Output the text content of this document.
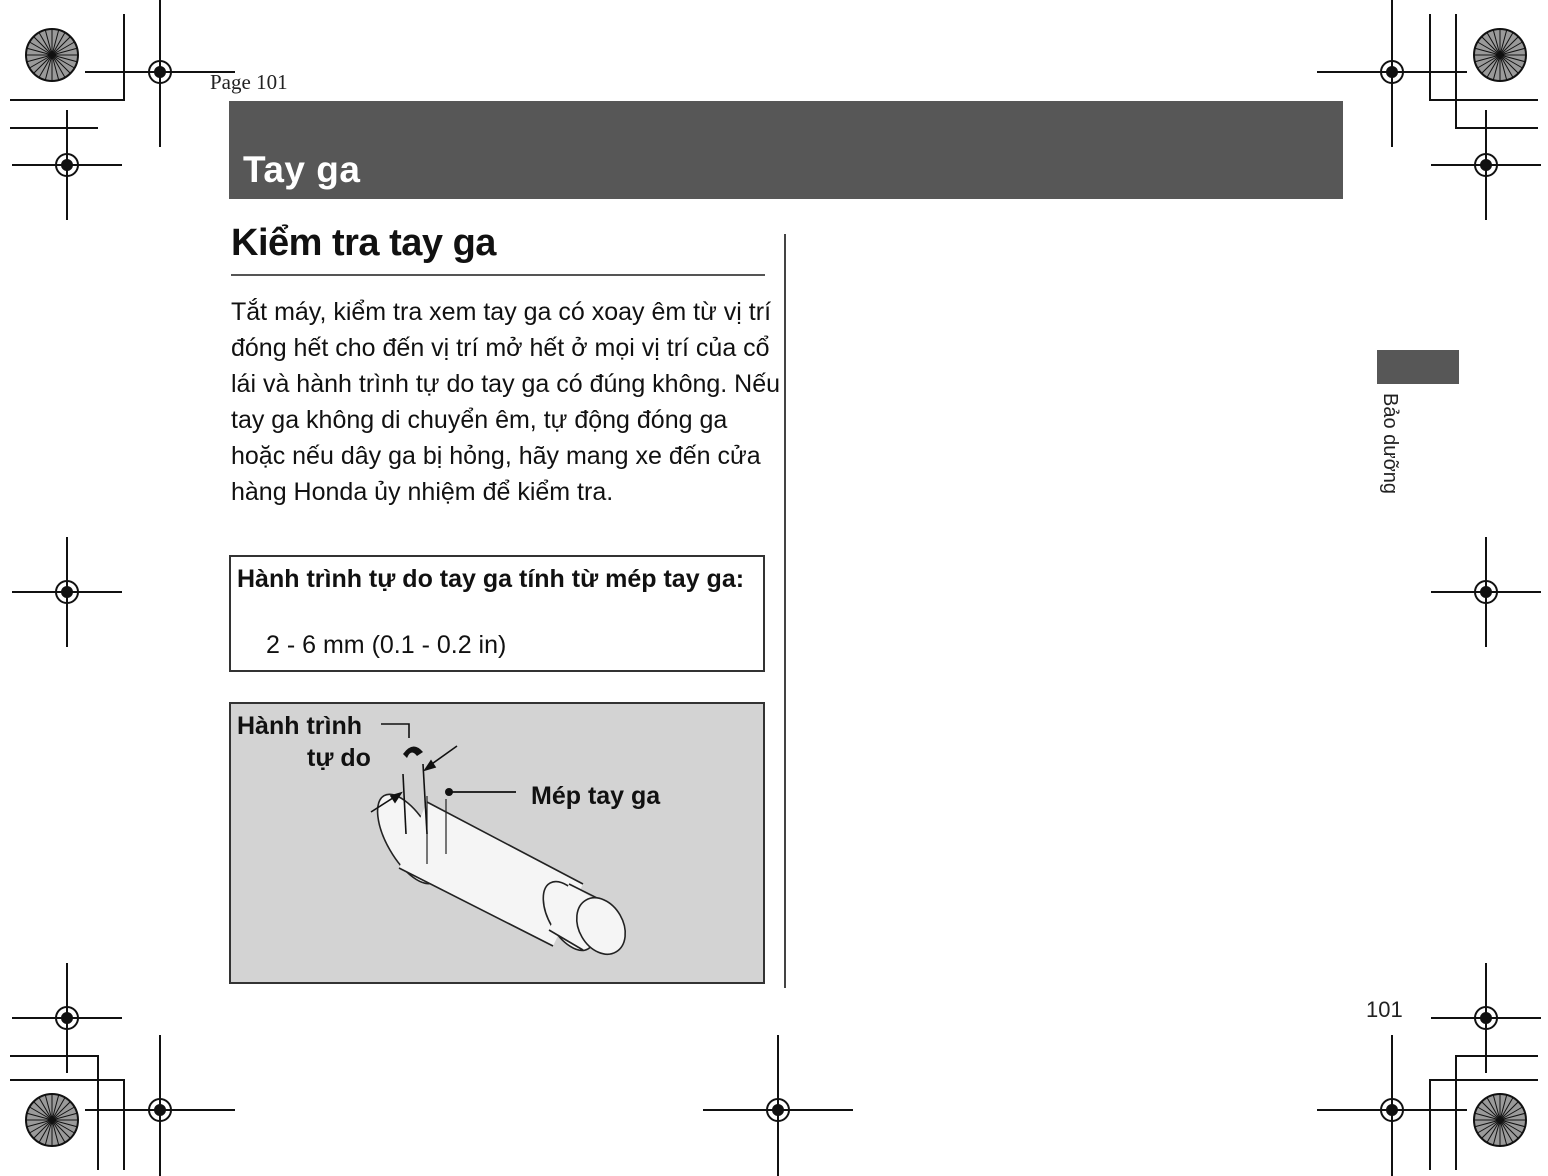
Page 101
Tay ga
Kiểm tra tay ga

Tắt máy, kiểm tra xem tay ga có xoay êm từ vị trí đóng hết cho đến vị trí mở hết ở mọi vị trí của cổ lái và hành trình tự do tay ga có đúng không. Nếu tay ga không di chuyển êm, tự động đóng ga hoặc nếu dây ga bị hỏng, hãy mang xe đến cửa hàng Honda ủy nhiệm để kiểm tra.

Hành trình tự do tay ga tính từ mép tay ga:
2 - 6 mm (0.1 - 0.2 in)
Hành trình
tự do
Mép tay ga
Bảo dưỡng
101
